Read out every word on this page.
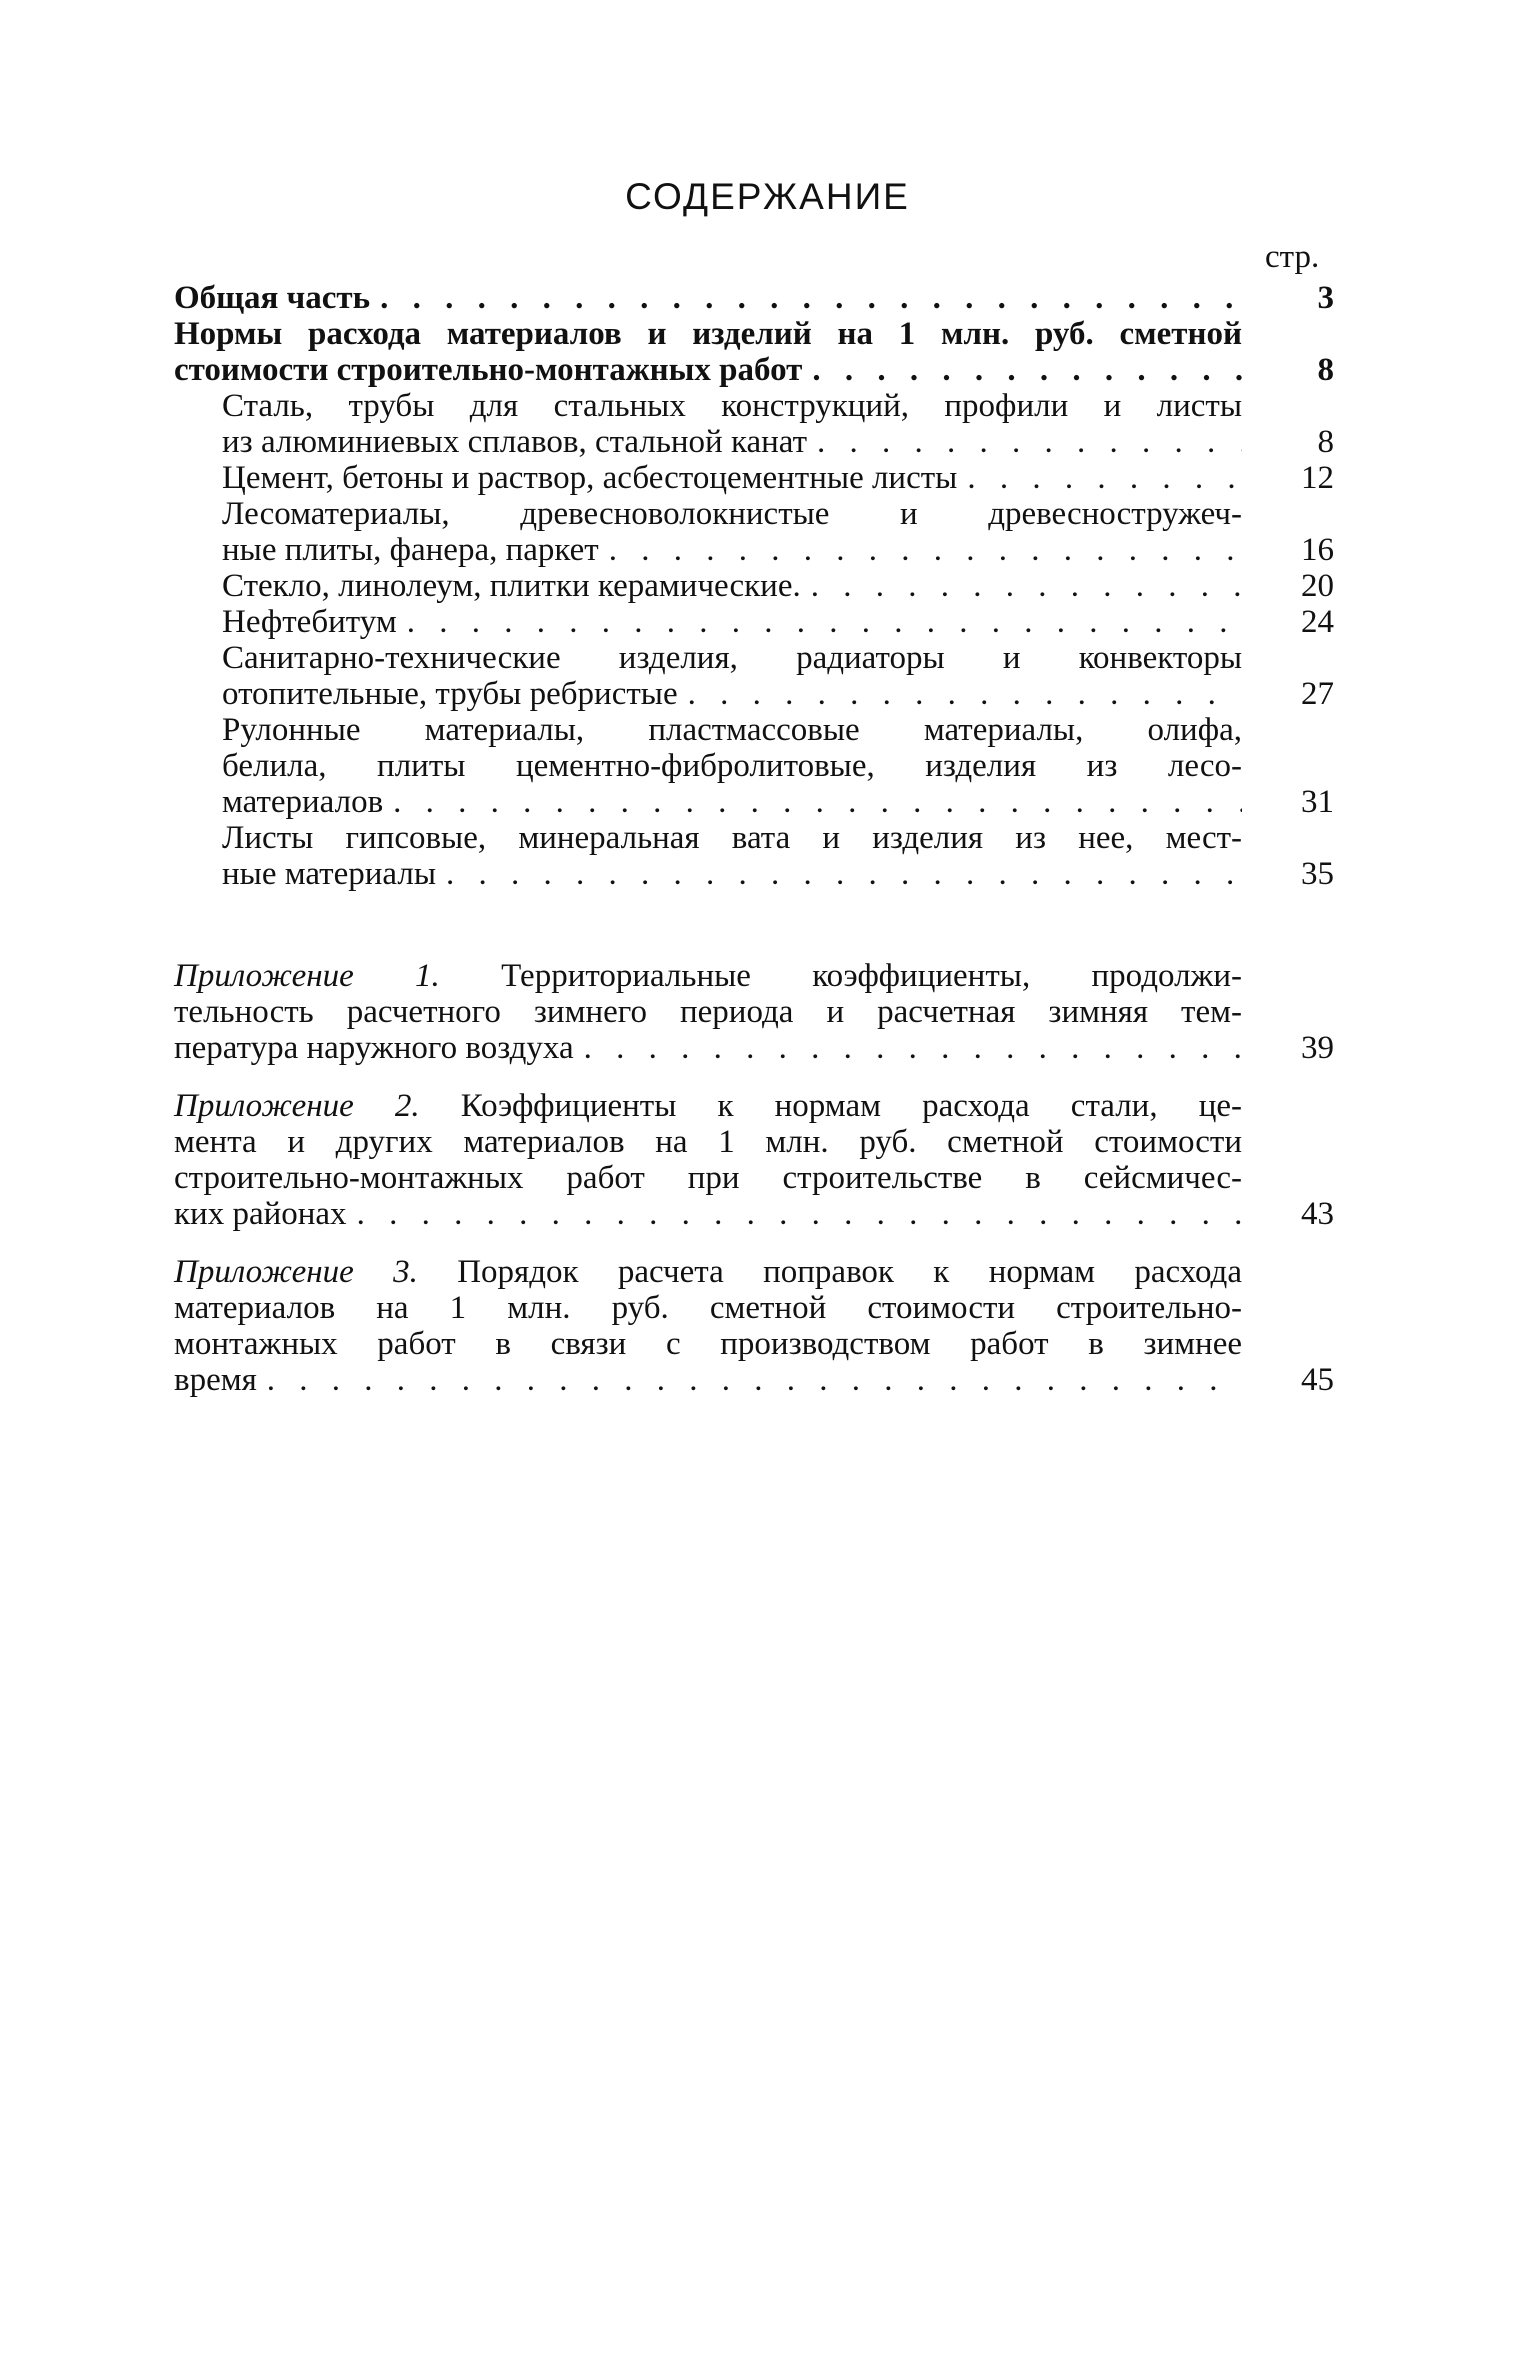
СОДЕРЖАНИЕ
стр.
Общая часть . . .	3
Нормы расхода материалов и изделий на 1 млн. руб. сметной
стоимости строительно-монтажных работ . . .	8
Сталь, трубы для стальных конструкций, профили и листы
из алюминиевых сплавов, стальной канат . . .	8
Цемент, бетоны и раствор, асбестоцементные листы . . .	12
Лесоматериалы, древесноволокнистые и древесностружеч-
ные плиты, фанера, паркет . . .	16
Стекло, линолеум, плитки керамические. . . .	20
Нефтебитум . . .	24
Санитарно-технические изделия, радиаторы и конвекторы
отопительные, трубы ребристые . . .	27
Рулонные материалы, пластмассовые материалы, олифа,
белила, плиты цементно-фибролитовые, изделия из лесо-
материалов . . .	31
Листы гипсовые, минеральная вата и изделия из нее, мест-
ные материалы . . .	35
Приложение 1. Территориальные коэффициенты, продолжи-
тельность расчетного зимнего периода и расчетная зимняя тем-
пература наружного воздуха . . .	39
Приложение 2. Коэффициенты к нормам расхода стали, це-
мента и других материалов на 1 млн. руб. сметной стоимости
строительно-монтажных работ при строительстве в сейсмичес-
ких районах . . .	43
Приложение 3. Порядок расчета поправок к нормам расхода
материалов на 1 млн. руб. сметной стоимости строительно-
монтажных работ в связи с производством работ в зимнее
время . . .	45
